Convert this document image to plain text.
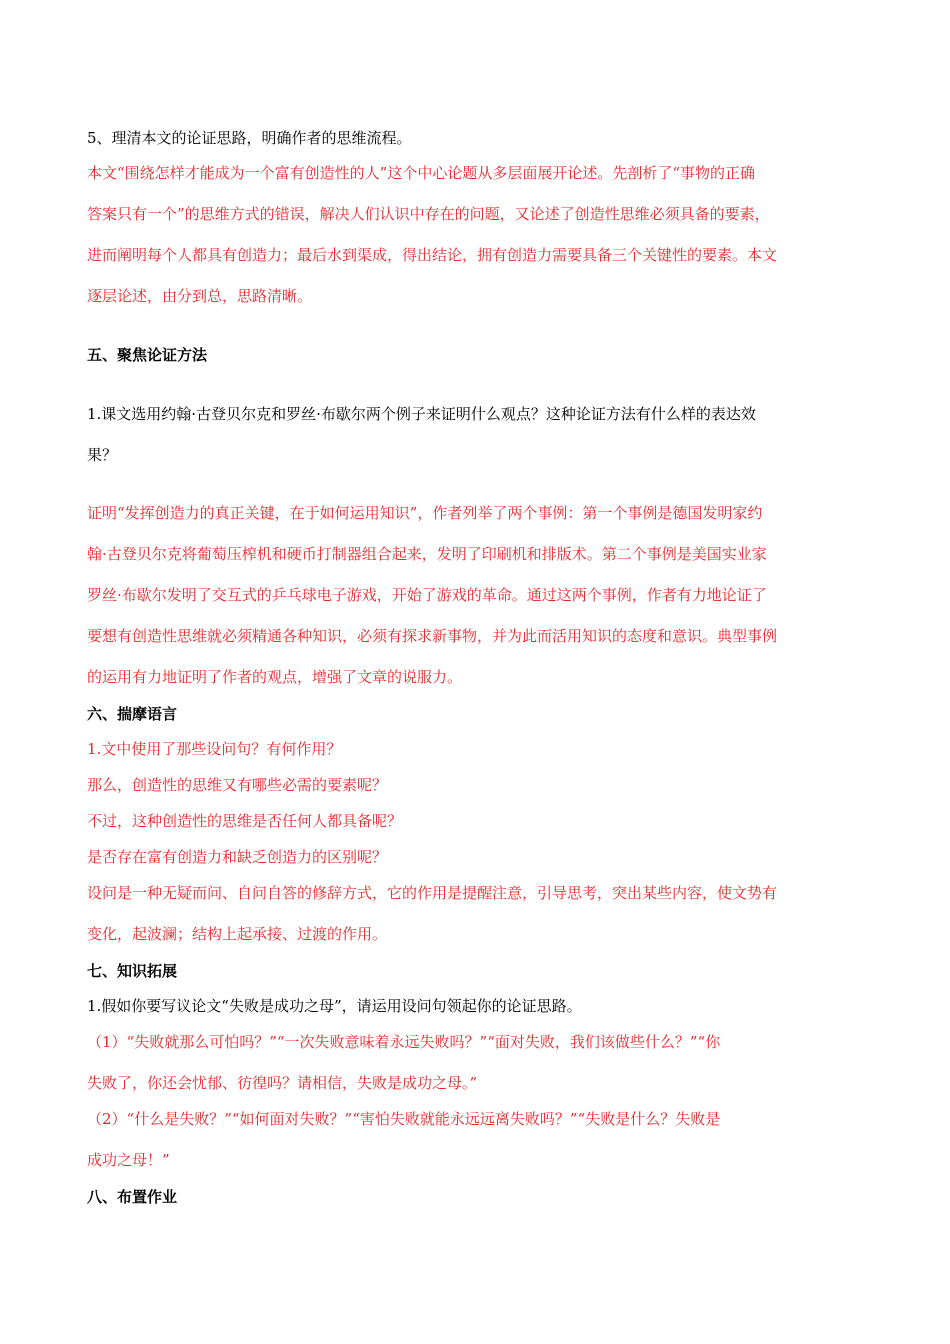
5、理清本文的论证思路，明确作者的思维流程。

本文“围绕怎样才能成为一个富有创造性的人”这个中心论题从多层面展开论述。先剖析了“事物的正确

答案只有一个”的思维方式的错误，解决人们认识中存在的问题，又论述了创造性思维必须具备的要素，

进而阐明每个人都具有创造力；最后水到渠成，得出结论，拥有创造力需要具备三个关键性的要素。本文

逐层论述，由分到总，思路清晰。

五、聚焦论证方法

1.课文选用约翰·古登贝尔克和罗丝·布歇尔两个例子来证明什么观点？这种论证方法有什么样的表达效

果？

证明“发挥创造力的真正关键，在于如何运用知识”，作者列举了两个事例：第一个事例是德国发明家约

翰·古登贝尔克将葡萄压榨机和硬币打制器组合起来，发明了印刷机和排版术。第二个事例是美国实业家

罗丝·布歇尔发明了交互式的乒乓球电子游戏，开始了游戏的革命。通过这两个事例，作者有力地论证了

要想有创造性思维就必须精通各种知识，必须有探求新事物，并为此而活用知识的态度和意识。典型事例

的运用有力地证明了作者的观点，增强了文章的说服力。

六、揣摩语言

1.文中使用了那些设问句？有何作用？

那么，创造性的思维又有哪些必需的要素呢？

不过，这种创造性的思维是否任何人都具备呢？

是否存在富有创造力和缺乏创造力的区别呢？

设问是一种无疑而问、自问自答的修辞方式，它的作用是提醒注意，引导思考，突出某些内容，使文势有

变化，起波澜；结构上起承接、过渡的作用。

七、知识拓展

1.假如你要写议论文“失败是成功之母”，请运用设问句领起你的论证思路。

（1）“失败就那么可怕吗？”“一次失败意味着永远失败吗？”“面对失败，我们该做些什么？”“你

失败了，你还会忧郁、彷徨吗？请相信，失败是成功之母。”

（2）“什么是失败？”“如何面对失败？”“害怕失败就能永远远离失败吗？”“失败是什么？失败是

成功之母！”

八、布置作业
